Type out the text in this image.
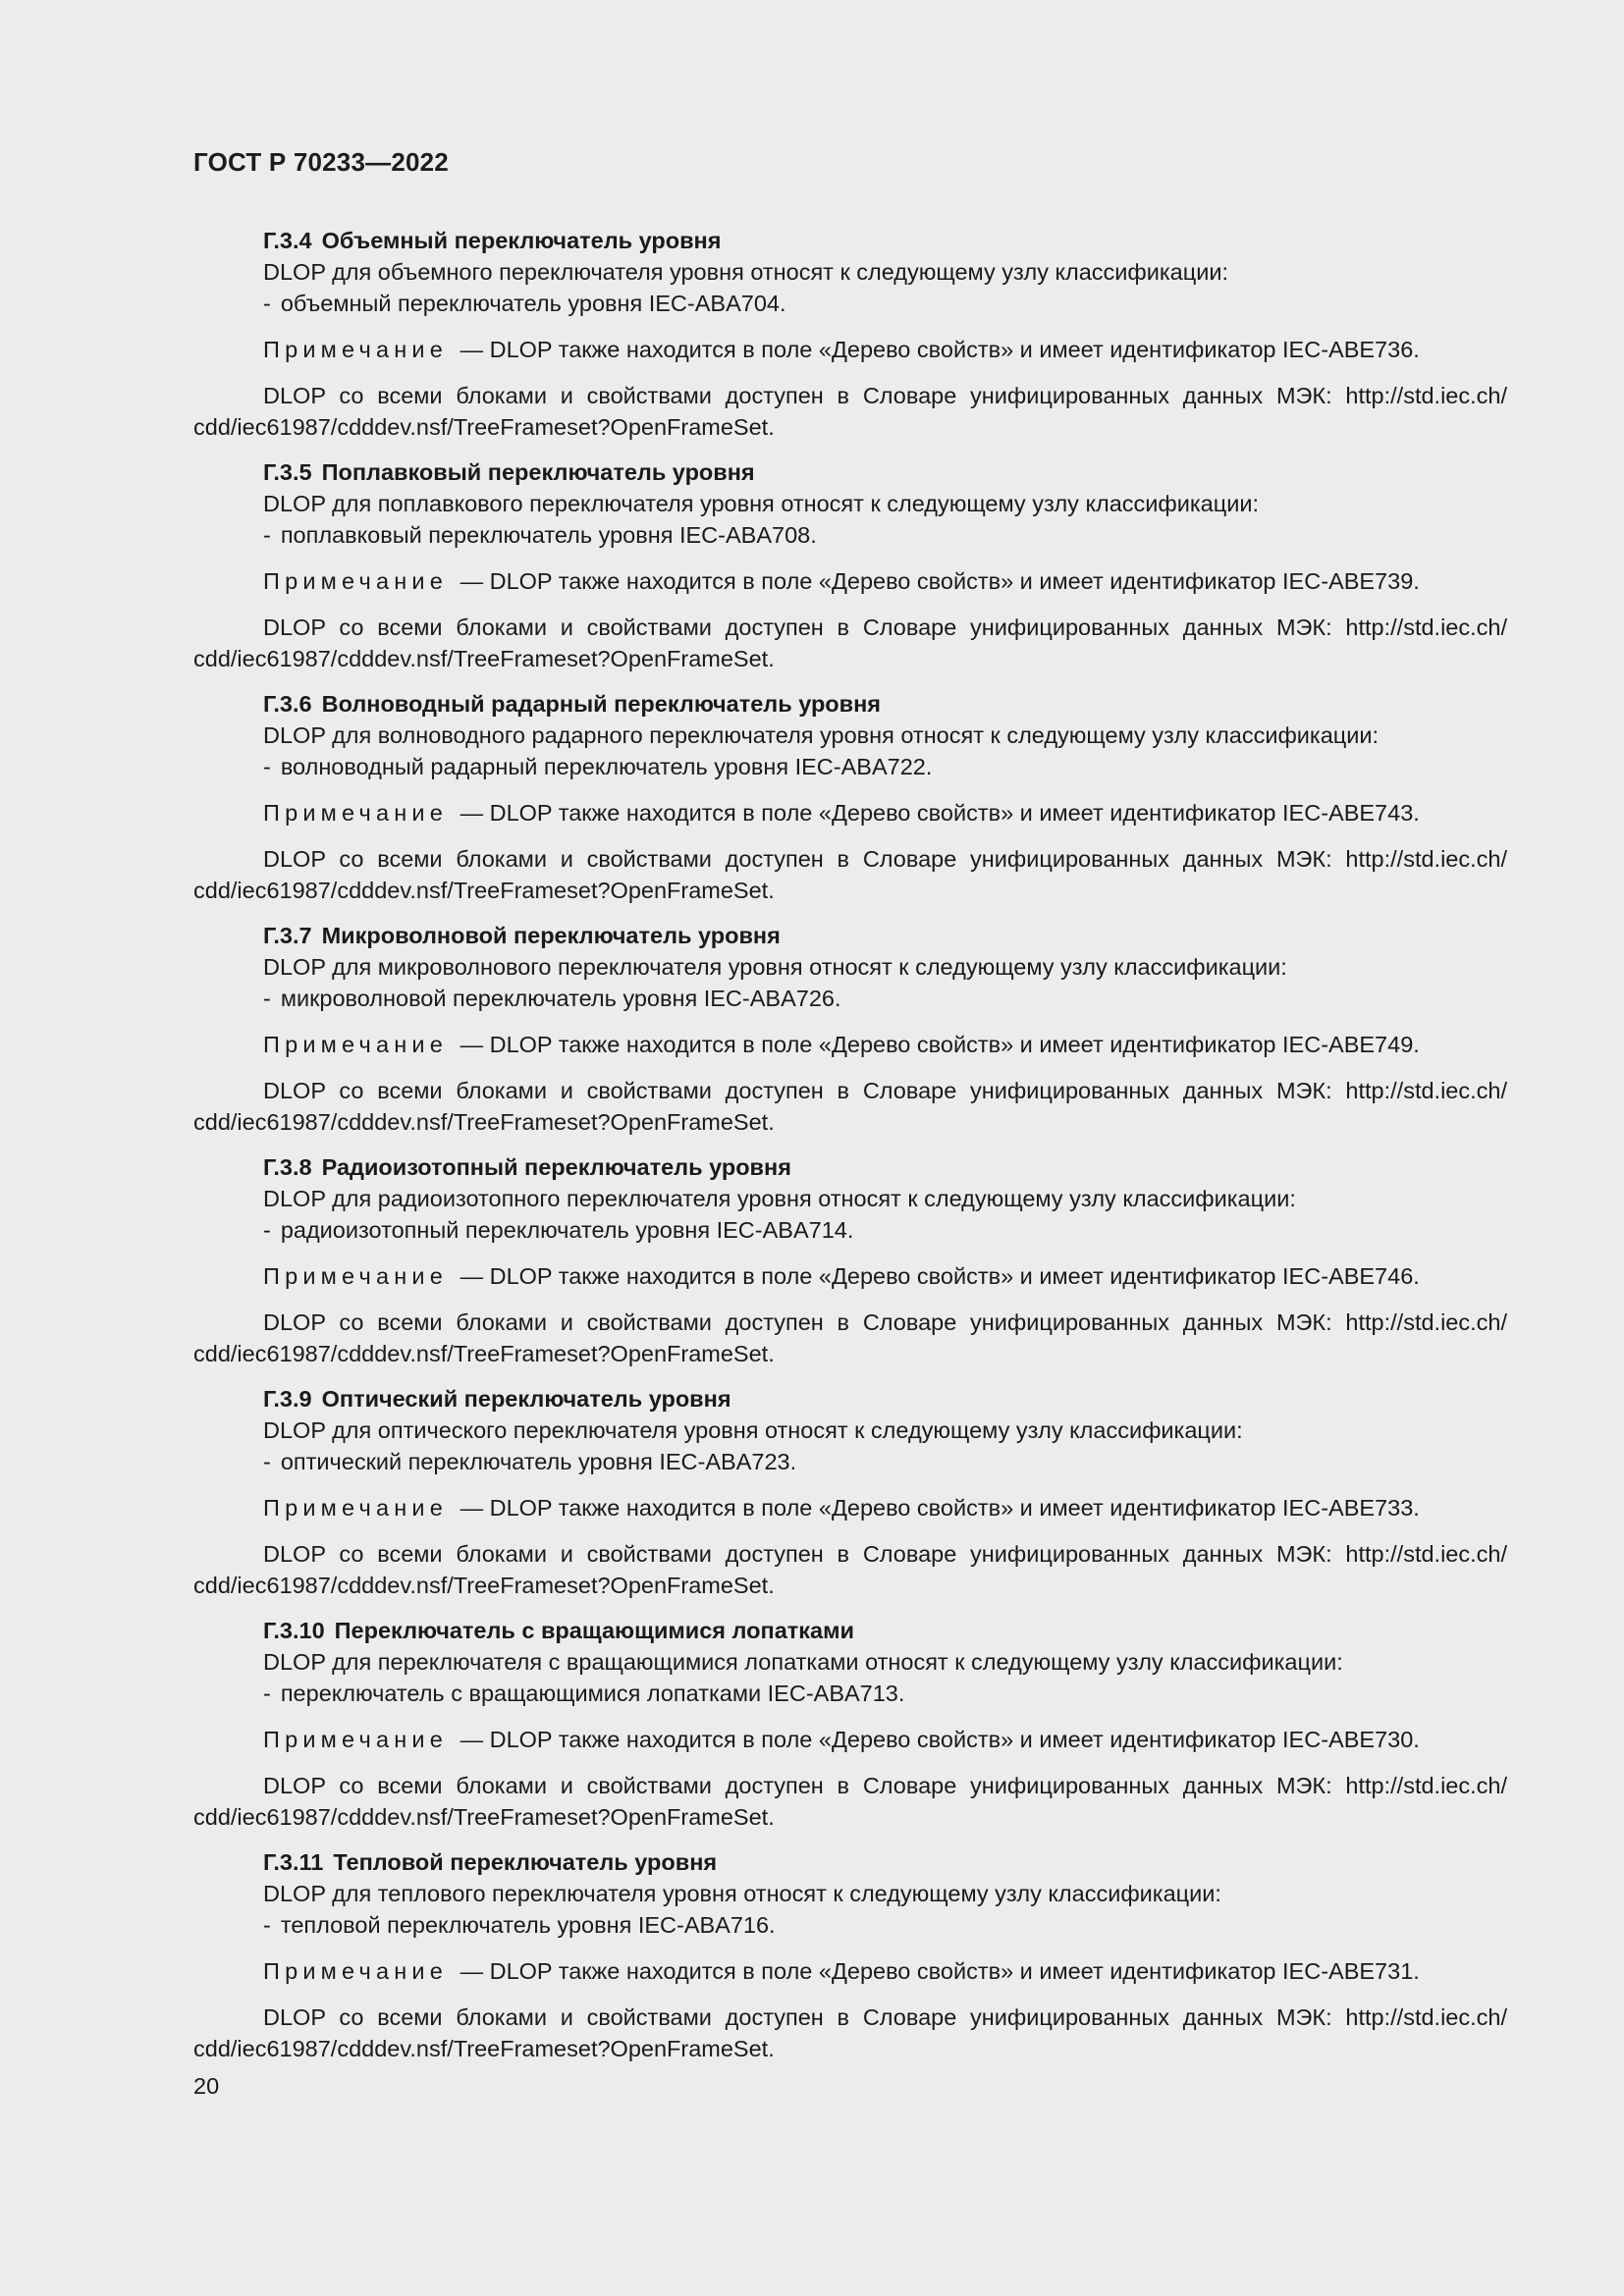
ГОСТ Р 70233—2022
Г.3.4 Объемный переключатель уровня
DLOP для объемного переключателя уровня относят к следующему узлу классификации:
- объемный переключатель уровня IEC-ABA704.
Примечание — DLOP также находится в поле «Дерево свойств» и имеет идентификатор IEC-ABE736.
DLOP со всеми блоками и свойствами доступен в Словаре унифицированных данных МЭК: http://std.iec.ch/
cdd/iec61987/cdddev.nsf/TreeFrameset?OpenFrameSet.
Г.3.5 Поплавковый переключатель уровня
DLOP для поплавкового переключателя уровня относят к следующему узлу классификации:
- поплавковый переключатель уровня IEC-ABA708.
Примечание — DLOP также находится в поле «Дерево свойств» и имеет идентификатор IEC-ABE739.
DLOP со всеми блоками и свойствами доступен в Словаре унифицированных данных МЭК: http://std.iec.ch/
cdd/iec61987/cdddev.nsf/TreeFrameset?OpenFrameSet.
Г.3.6 Волноводный радарный переключатель уровня
DLOP для волноводного радарного переключателя уровня относят к следующему узлу классификации:
- волноводный радарный переключатель уровня IEC-ABA722.
Примечание — DLOP также находится в поле «Дерево свойств» и имеет идентификатор IEC-ABE743.
DLOP со всеми блоками и свойствами доступен в Словаре унифицированных данных МЭК: http://std.iec.ch/
cdd/iec61987/cdddev.nsf/TreeFrameset?OpenFrameSet.
Г.3.7 Микроволновой переключатель уровня
DLOP для микроволнового переключателя уровня относят к следующему узлу классификации:
- микроволновой переключатель уровня IEC-ABA726.
Примечание — DLOP также находится в поле «Дерево свойств» и имеет идентификатор IEC-ABE749.
DLOP со всеми блоками и свойствами доступен в Словаре унифицированных данных МЭК: http://std.iec.ch/
cdd/iec61987/cdddev.nsf/TreeFrameset?OpenFrameSet.
Г.3.8 Радиоизотопный переключатель уровня
DLOP для радиоизотопного переключателя уровня относят к следующему узлу классификации:
- радиоизотопный переключатель уровня IEC-ABA714.
Примечание — DLOP также находится в поле «Дерево свойств» и имеет идентификатор IEC-ABE746.
DLOP со всеми блоками и свойствами доступен в Словаре унифицированных данных МЭК: http://std.iec.ch/
cdd/iec61987/cdddev.nsf/TreeFrameset?OpenFrameSet.
Г.3.9 Оптический переключатель уровня
DLOP для оптического переключателя уровня относят к следующему узлу классификации:
- оптический переключатель уровня IEC-ABA723.
Примечание — DLOP также находится в поле «Дерево свойств» и имеет идентификатор IEC-ABE733.
DLOP со всеми блоками и свойствами доступен в Словаре унифицированных данных МЭК: http://std.iec.ch/
cdd/iec61987/cdddev.nsf/TreeFrameset?OpenFrameSet.
Г.3.10 Переключатель с вращающимися лопатками
DLOP для переключателя с вращающимися лопатками относят к следующему узлу классификации:
- переключатель с вращающимися лопатками IEC-ABA713.
Примечание — DLOP также находится в поле «Дерево свойств» и имеет идентификатор IEC-ABE730.
DLOP со всеми блоками и свойствами доступен в Словаре унифицированных данных МЭК: http://std.iec.ch/
cdd/iec61987/cdddev.nsf/TreeFrameset?OpenFrameSet.
Г.3.11 Тепловой переключатель уровня
DLOP для теплового переключателя уровня относят к следующему узлу классификации:
- тепловой переключатель уровня IEC-ABA716.
Примечание — DLOP также находится в поле «Дерево свойств» и имеет идентификатор IEC-ABE731.
DLOP со всеми блоками и свойствами доступен в Словаре унифицированных данных МЭК: http://std.iec.ch/
cdd/iec61987/cdddev.nsf/TreeFrameset?OpenFrameSet.
20
